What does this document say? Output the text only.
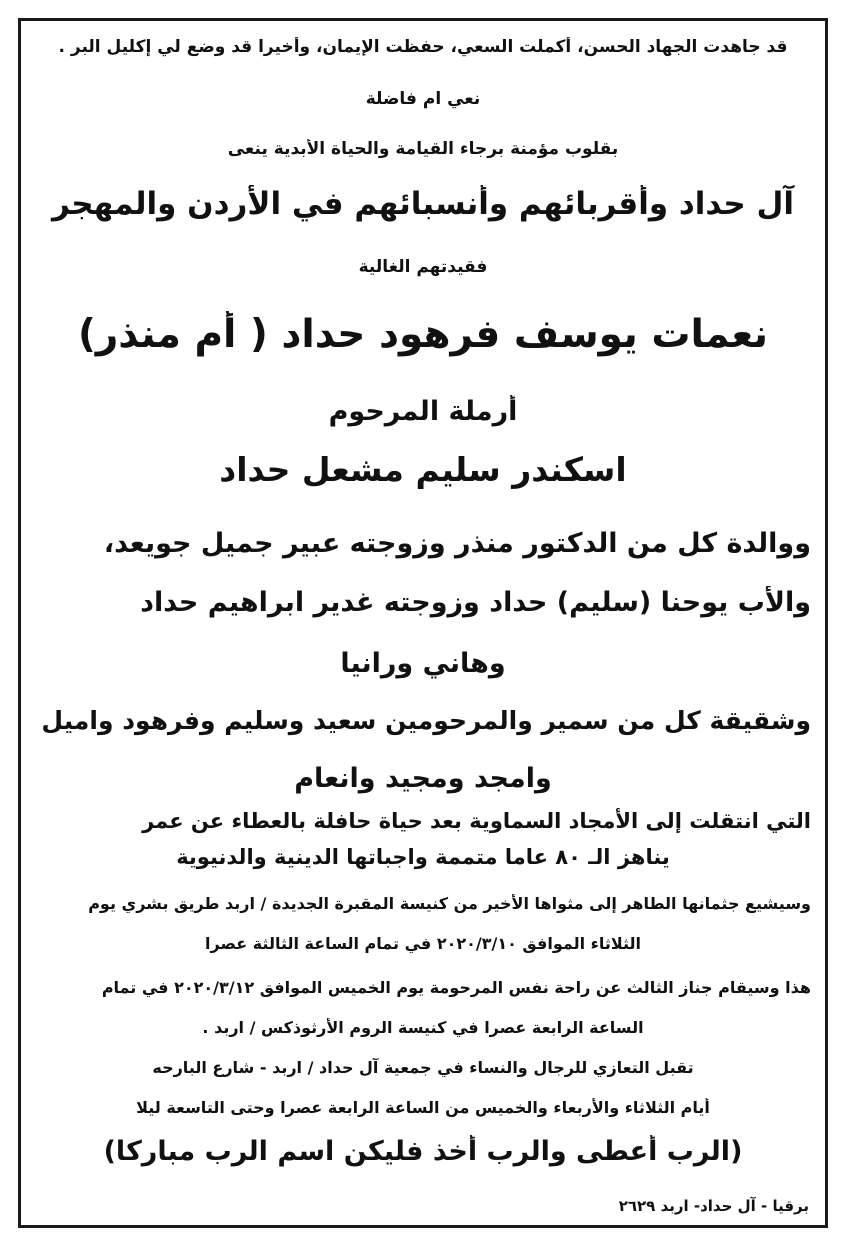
قد جاهدت الجهاد الحسن، أكملت السعي، حفظت الإيمان، وأخيرا قد وضع لي إكليل البر .
نعي ام فاضلة
بقلوب مؤمنة برجاء القيامة والحياة الأبدية ينعى
آل حداد وأقربائهم وأنسبائهم في الأردن والمهجر
فقيدتهم الغالية
نعمات يوسف فرهود حداد ( أم منذر)
أرملة المرحوم
اسكندر سليم مشعل حداد
ووالدة كل من الدكتور منذر وزوجته عبير جميل جويعد،
والأب يوحنا (سليم) حداد وزوجته غدير ابراهيم حداد
وهاني ورانيا
وشقيقة كل من سمير والمرحومين سعيد وسليم وفرهود واميل
وامجد ومجيد وانعام
التي انتقلت إلى الأمجاد السماوية بعد حياة حافلة بالعطاء عن عمر
يناهز الـ ٨٠ عاما متممة واجباتها الدينية والدنيوية
وسيشيع جثمانها الطاهر إلى مثواها الأخير من كنيسة المقبرة الجديدة / اربد طريق بشري يوم
الثلاثاء الموافق ٢٠٢٠/٣/١٠ في تمام الساعة الثالثة عصرا
هذا وسيقام جناز الثالث عن راحة نفس المرحومة يوم الخميس الموافق ٢٠٢٠/٣/١٢ في تمام
الساعة الرابعة عصرا في كنيسة الروم الأرثوذكس / اربد .
تقبل التعازي للرجال والنساء في جمعية آل حداد / اربد - شارع البارحه
أيام الثلاثاء والأربعاء والخميس من الساعة الرابعة عصرا وحتى التاسعة ليلا
(الرب أعطى والرب أخذ فليكن اسم الرب مباركا)
برقيا - آل حداد- اربد ٢٦٢٩
